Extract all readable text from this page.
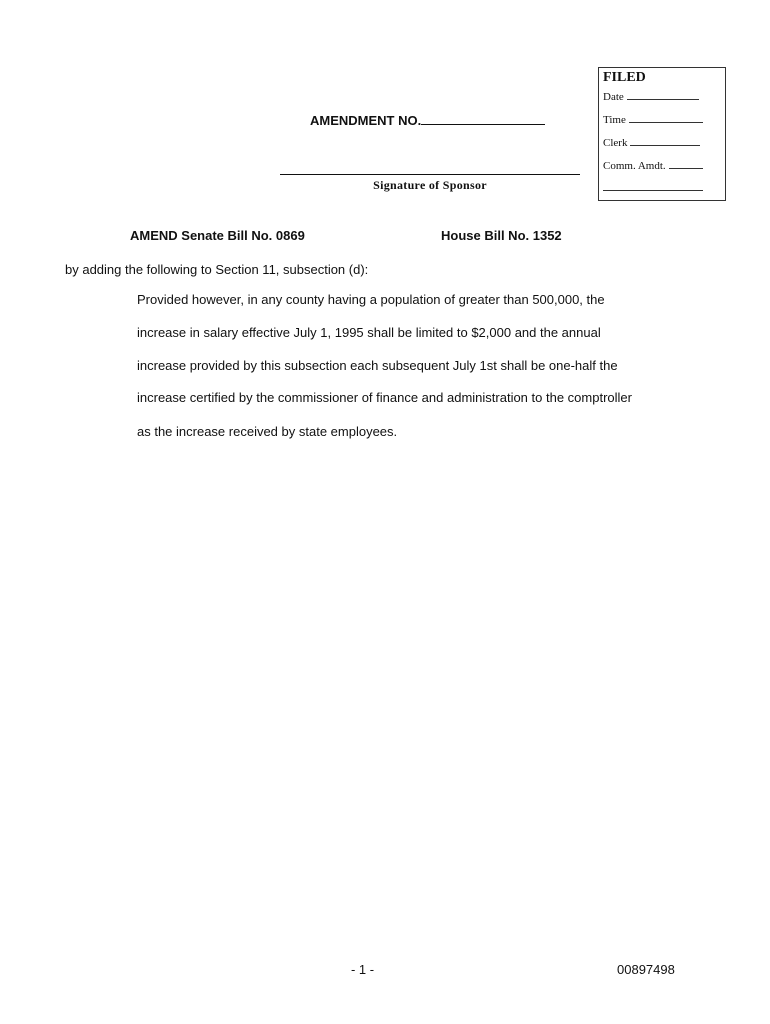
FILED
Date
Time
Clerk
Comm. Amdt.
AMENDMENT NO.
Signature of Sponsor
AMEND Senate Bill No. 0869	House Bill No. 1352
by adding the following to Section 11, subsection (d):
Provided however, in any county having a population of greater than 500,000, the
increase in salary effective July 1, 1995 shall be limited to $2,000 and the annual
increase provided by this subsection each subsequent July 1st shall be one-half the
increase certified by the commissioner of finance and administration to the comptroller
as the increase received by state employees.
- 1 -	00897498
